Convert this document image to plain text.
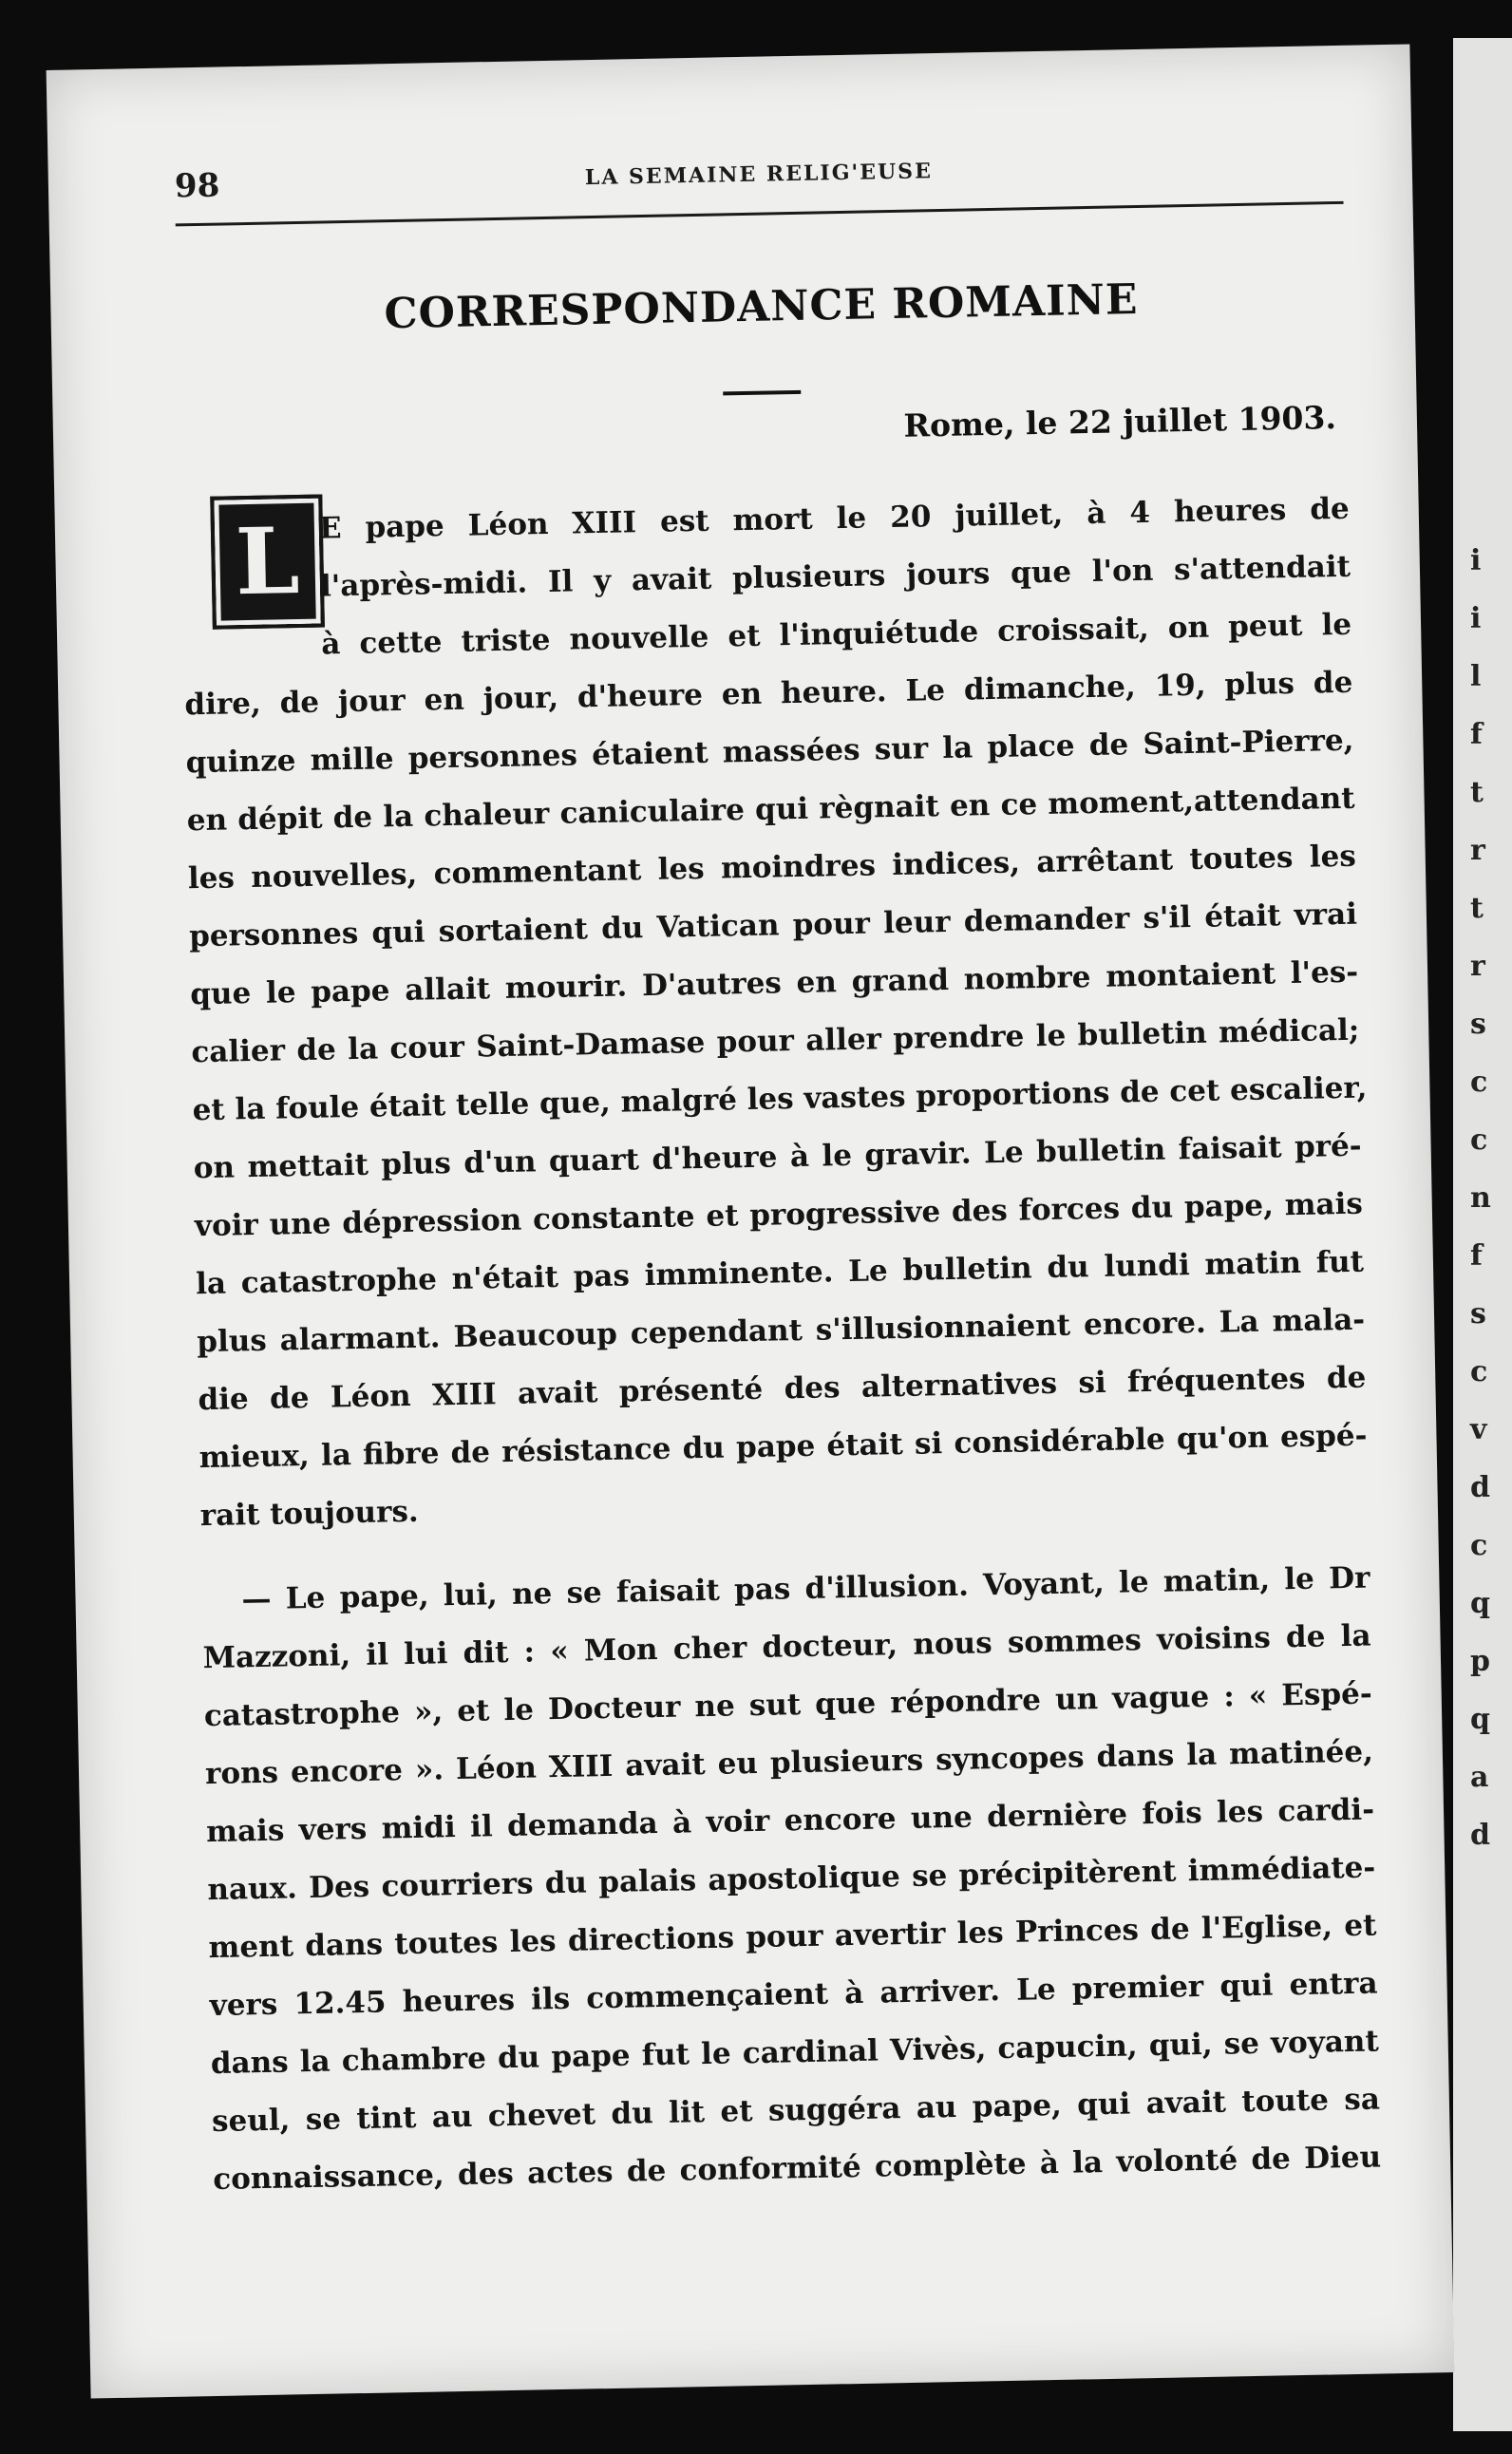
i
i
l
f
t
r
t
r
s
c
c
n
f
s
c
v
d
c
q
p
q
a
d
98	LA SEMAINE RELIG'EUSE
CORRESPONDANCE ROMAINE
Rome, le 22 juillet 1903.
L E pape Léon XIII est mort le 20 juillet, à 4 heures de
l'après-midi. Il y avait plusieurs jours que l'on s'attendait
à cette triste nouvelle et l'inquiétude croissait, on peut le
dire, de jour en jour, d'heure en heure. Le dimanche, 19, plus de
quinze mille personnes étaient massées sur la place de Saint-Pierre,
en dépit de la chaleur caniculaire qui règnait en ce moment,attendant
les nouvelles, commentant les moindres indices, arrêtant toutes les
personnes qui sortaient du Vatican pour leur demander s'il était vrai
que le pape allait mourir. D'autres en grand nombre montaient l'es-
calier de la cour Saint-Damase pour aller prendre le bulletin médical;
et la foule était telle que, malgré les vastes proportions de cet escalier,
on mettait plus d'un quart d'heure à le gravir. Le bulletin faisait pré-
voir une dépression constante et progressive des forces du pape, mais
la catastrophe n'était pas imminente. Le bulletin du lundi matin fut
plus alarmant. Beaucoup cependant s'illusionnaient encore. La mala-
die de Léon XIII avait présenté des alternatives si fréquentes de
mieux, la fibre de résistance du pape était si considérable qu'on espé-
rait toujours.
— Le pape, lui, ne se faisait pas d'illusion. Voyant, le matin, le Dr
Mazzoni, il lui dit : « Mon cher docteur, nous sommes voisins de la
catastrophe », et le Docteur ne sut que répondre un vague : « Espé-
rons encore ». Léon XIII avait eu plusieurs syncopes dans la matinée,
mais vers midi il demanda à voir encore une dernière fois les cardi-
naux. Des courriers du palais apostolique se précipitèrent immédiate-
ment dans toutes les directions pour avertir les Princes de l'Eglise, et
vers 12.45 heures ils commençaient à arriver. Le premier qui entra
dans la chambre du pape fut le cardinal Vivès, capucin, qui, se voyant
seul, se tint au chevet du lit et suggéra au pape, qui avait toute sa
connaissance, des actes de conformité complète à la volonté de Dieu
